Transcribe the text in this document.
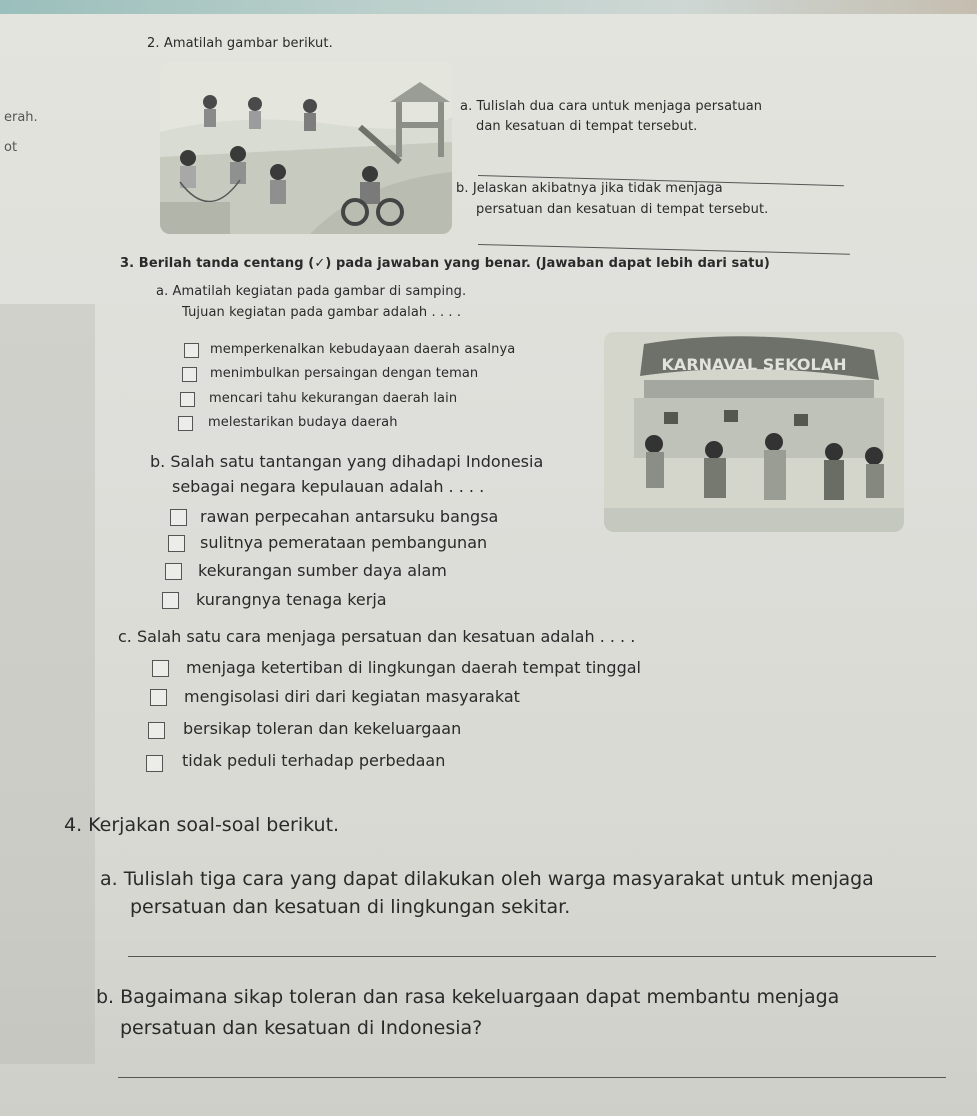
erah.
ot
2. Amatilah gambar berikut.
a. Tulislah dua cara untuk menjaga persatuan
dan kesatuan di tempat tersebut.
b. Jelaskan akibatnya jika tidak menjaga
persatuan dan kesatuan di tempat tersebut.
3. Berilah tanda centang (✓) pada jawaban yang benar. (Jawaban dapat lebih dari satu)
a. Amatilah kegiatan pada gambar di samping.
Tujuan kegiatan pada gambar adalah . . . .
memperkenalkan kebudayaan daerah asalnya
menimbulkan persaingan dengan teman
mencari tahu kekurangan daerah lain
melestarikan budaya daerah
KARNAVAL SEKOLAH
b. Salah satu tantangan yang dihadapi Indonesia
sebagai negara kepulauan adalah . . . .
rawan perpecahan antarsuku bangsa
sulitnya pemerataan pembangunan
kekurangan sumber daya alam
kurangnya tenaga kerja
c. Salah satu cara menjaga persatuan dan kesatuan adalah . . . .
menjaga ketertiban di lingkungan daerah tempat tinggal
mengisolasi diri dari kegiatan masyarakat
bersikap toleran dan kekeluargaan
tidak peduli terhadap perbedaan
4. Kerjakan soal-soal berikut.
a. Tulislah tiga cara yang dapat dilakukan oleh warga masyarakat untuk menjaga
persatuan dan kesatuan di lingkungan sekitar.
b. Bagaimana sikap toleran dan rasa kekeluargaan dapat membantu menjaga
persatuan dan kesatuan di Indonesia?
